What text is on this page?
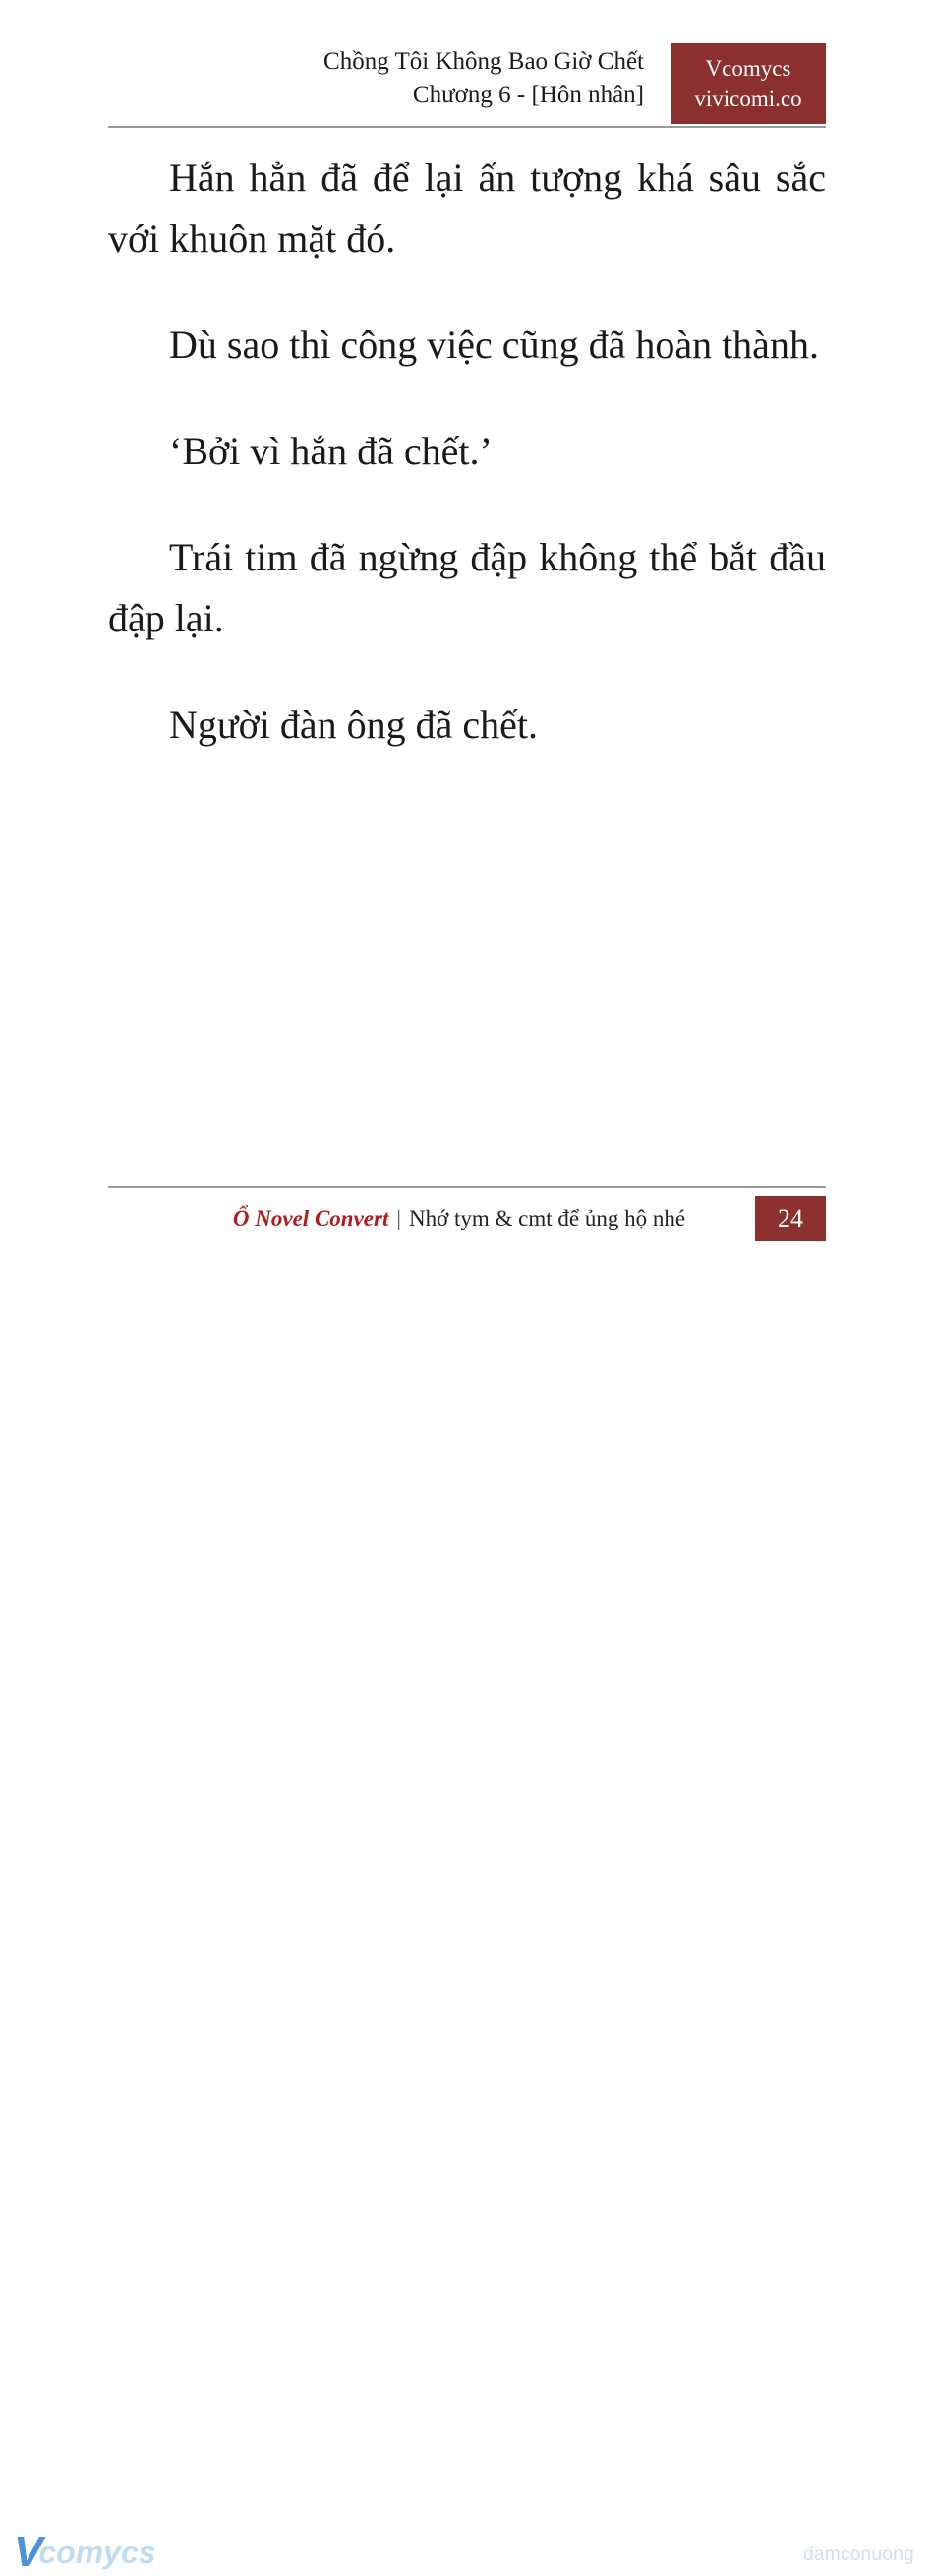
Chồng Tôi Không Bao Giờ Chết
Chương 6 - [Hôn nhân]
Vcomycs
vivicomi.co

Hắn hẳn đã để lại ấn tượng khá sâu sắc với khuôn mặt đó.

Dù sao thì công việc cũng đã hoàn thành.

‘Bởi vì hắn đã chết.’

Trái tim đã ngừng đập không thể bắt đầu đập lại.

Người đàn ông đã chết.

Ổ Novel Convert | Nhớ tym & cmt để ủng hộ nhé	24
V
comycs	damconuong
